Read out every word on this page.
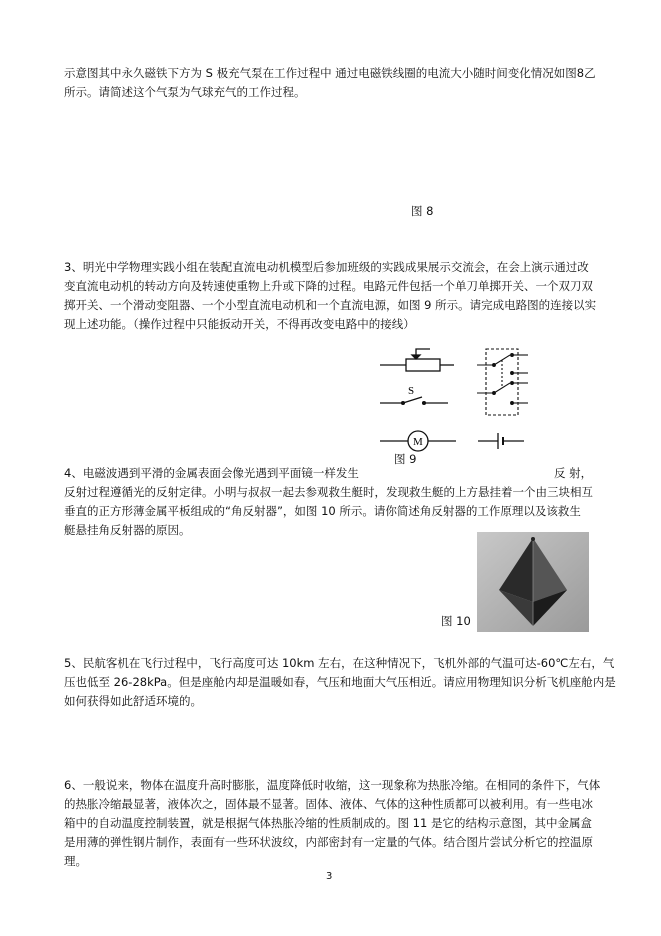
示意图其中永久磁铁下方为 S 极充气泵在工作过程中 通过电磁铁线圈的电流大小随时间变化情况如图8乙
所示。请简述这个气泵为气球充气的工作过程。
图 8
3、明光中学物理实践小组在装配直流电动机模型后参加班级的实践成果展示交流会，在会上演示通过改
变直流电动机的转动方向及转速使重物上升或下降的过程。电路元件包括一个单刀单掷开关、一个双刀双
掷开关、一个滑动变阻器、一个小型直流电动机和一个直流电源，如图 9 所示。请完成电路图的连接以实
现上述功能。（操作过程中只能扳动开关，不得再改变电路中的接线）
S
M
图 9
4、电磁波遇到平滑的金属表面会像光遇到平面镜一样发生	反 射，
反射过程遵循光的反射定律。小明与叔叔一起去参观救生艇时，发现救生艇的上方悬挂着一个由三块相互
垂直的正方形薄金属平板组成的“角反射器”，如图 10 所示。请你简述角反射器的工作原理以及该救生
艇悬挂角反射器的原因。
图 10
5、民航客机在飞行过程中，飞行高度可达 10km 左右，在这种情况下，飞机外部的气温可达-60℃左右，气
压也低至 26-28kPa。但是座舱内却是温暖如春，气压和地面大气压相近。请应用物理知识分析飞机座舱内是
如何获得如此舒适环境的。
6、一般说来，物体在温度升高时膨胀，温度降低时收缩，这一现象称为热胀冷缩。在相同的条件下，气体
的热胀冷缩最显著，液体次之，固体最不显著。固体、液体、气体的这种性质都可以被利用。有一些电冰
箱中的自动温度控制装置，就是根据气体热胀冷缩的性质制成的。图 11 是它的结构示意图，其中金属盒
是用薄的弹性钢片制作，表面有一些环状波纹，内部密封有一定量的气体。结合图片尝试分析它的控温原
理。
3
